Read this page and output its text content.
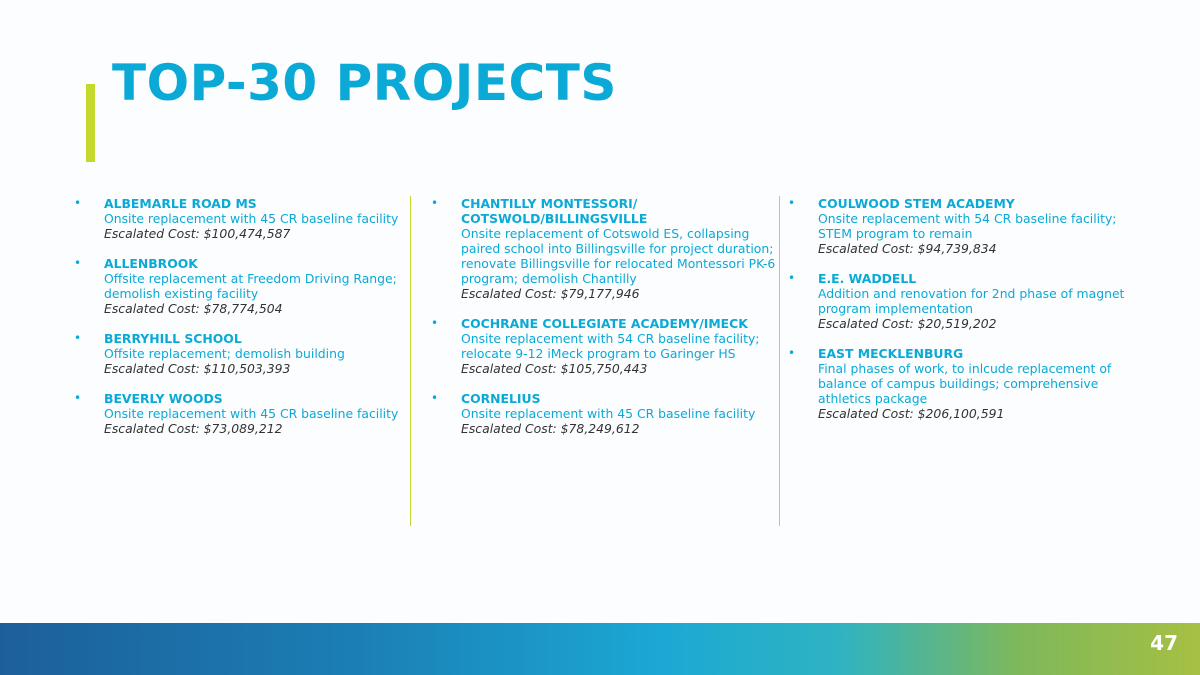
TOP-30 PROJECTS
• ALBEMARLE ROAD MS
Onsite replacement with 45 CR baseline facility
Escalated Cost: $100,474,587
• ALLENBROOK
Offsite replacement at Freedom Driving Range; demolish existing facility
Escalated Cost: $78,774,504
• BERRYHILL SCHOOL
Offsite replacement; demolish building
Escalated Cost: $110,503,393
• BEVERLY WOODS
Onsite replacement with 45 CR baseline facility
Escalated Cost: $73,089,212
• CHANTILLY MONTESSORI/ COTSWOLD/BILLINGSVILLE
Onsite replacement of Cotswold ES, collapsing paired school into Billingsville for project duration; renovate Billingsville for relocated Montessori PK-6 program; demolish Chantilly
Escalated Cost: $79,177,946
• COCHRANE COLLEGIATE ACADEMY/IMECK
Onsite replacement with 54 CR baseline facility; relocate 9-12 iMeck program to Garinger HS
Escalated Cost: $105,750,443
• CORNELIUS
Onsite replacement with 45 CR baseline facility
Escalated Cost: $78,249,612
• COULWOOD STEM ACADEMY
Onsite replacement with 54 CR baseline facility; STEM program to remain
Escalated Cost: $94,739,834
• E.E. WADDELL
Addition and renovation for 2nd phase of magnet program implementation
Escalated Cost: $20,519,202
• EAST MECKLENBURG
Final phases of work, to inlcude replacement of balance of campus buildings; comprehensive athletics package
Escalated Cost: $206,100,591
47
